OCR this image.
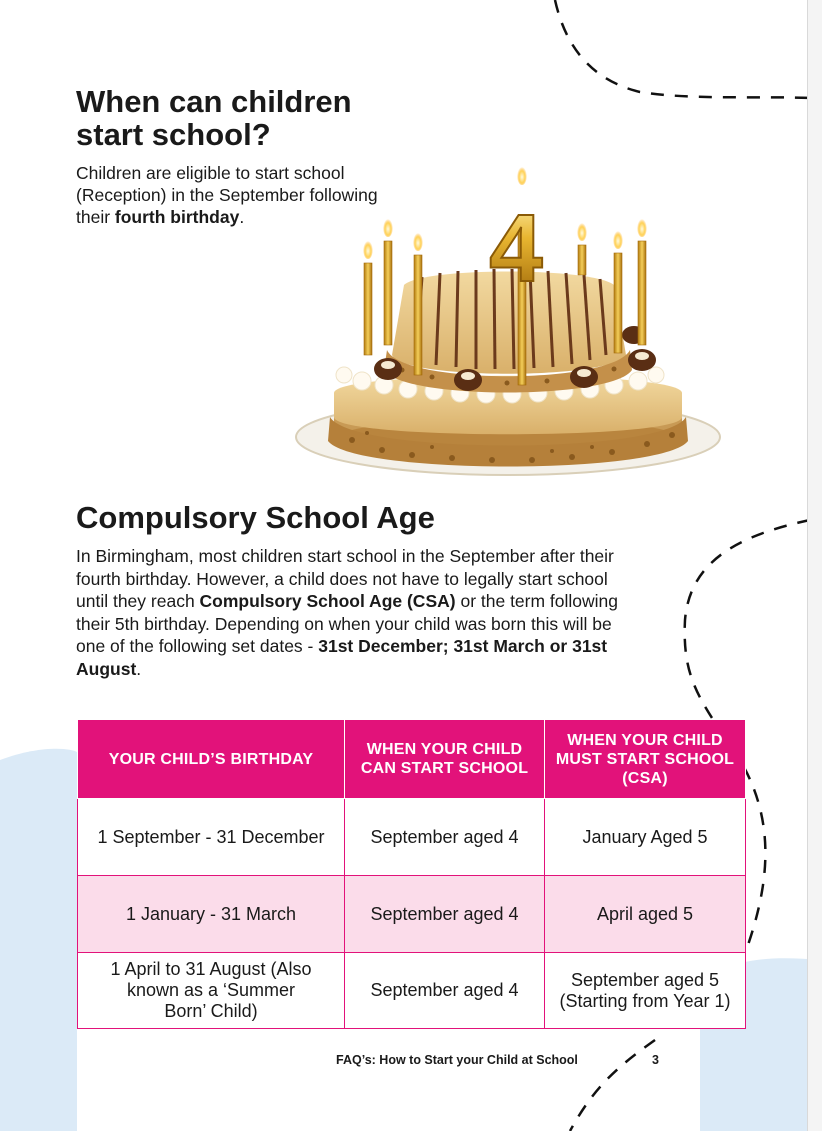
When can children start school?

Children are eligible to start school (Reception) in the September following their fourth birthday.	4
Compulsory School Age

In Birmingham, most children start school in the September after their fourth birthday. However, a child does not have to legally start school until they reach Compulsory School Age (CSA) or the term following their 5th birthday. Depending on when your child was born this will be one of the following set dates - 31st December; 31st March or 31st August.

YOUR CHILD’S BIRTHDAY	WHEN YOUR CHILD CAN START SCHOOL	WHEN YOUR CHILD MUST START SCHOOL (CSA)
1 September - 31 December	September aged 4	January Aged 5
1 January - 31 March	September aged 4	April aged 5
1 April to 31 August (Also known as a ‘Summer Born’ Child)	September aged 4	September aged 5 (Starting from Year 1)
FAQ’s: How to Start your Child at School	3
